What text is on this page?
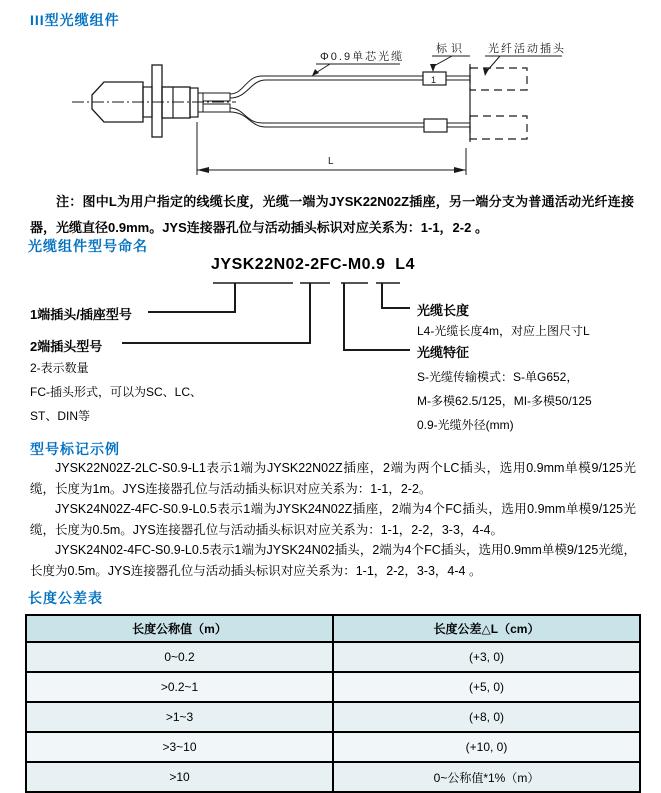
III型光缆组件
1
Φ0.9单芯光缆
标识 光纤活动插头
L
注：图中L为用户指定的线缆长度，光缆一端为JYSK22N02Z插座，另一端分支为普通活动光纤连接器，光缆直径0.9mm。JYS连接器孔位与活动插头标识对应关系为：1-1，2-2 。
光缆组件型号命名
JYSK22N02-2FC-M0.9  L4
1端插头/插座型号
2端插头型号
2-表示数量
FC-插头形式，可以为SC、LC、
ST、DIN等
光缆长度
L4-光缆长度4m，对应上图尺寸L
光缆特征
S-光缆传输模式：S-单G652，
M-多模62.5/125，MI-多模50/125
0.9-光缆外径(mm)
型号标记示例

JYSK22N02Z-2LC-S0.9-L1表示1端为JYSK22N02Z插座，2端为两个LC插头，选用0.9mm单模9/125光缆，长度为1m。JYS连接器孔位与活动插头标识对应关系为：1-1，2-2。

JYSK24N02Z-4FC-S0.9-L0.5表示1端为JYSK24N02Z插座，2端为4个FC插头，选用0.9mm单模9/125光缆，长度为0.5m。JYS连接器孔位与活动插头标识对应关系为：1-1，2-2，3-3，4-4。

JYSK24N02-4FC-S0.9-L0.5表示1端为JYSK24N02插头，2端为4个FC插头，选用0.9mm单模9/125光缆，长度为0.5m。JYS连接器孔位与活动插头标识对应关系为：1-1，2-2，3-3，4-4 。

长度公差表
长度公称值（m）	长度公差△L（cm）
0~0.2	(+3, 0)
>0.2~1	(+5, 0)
>1~3	(+8, 0)
>3~10	(+10, 0)
>10	0~公称值*1%（m）
